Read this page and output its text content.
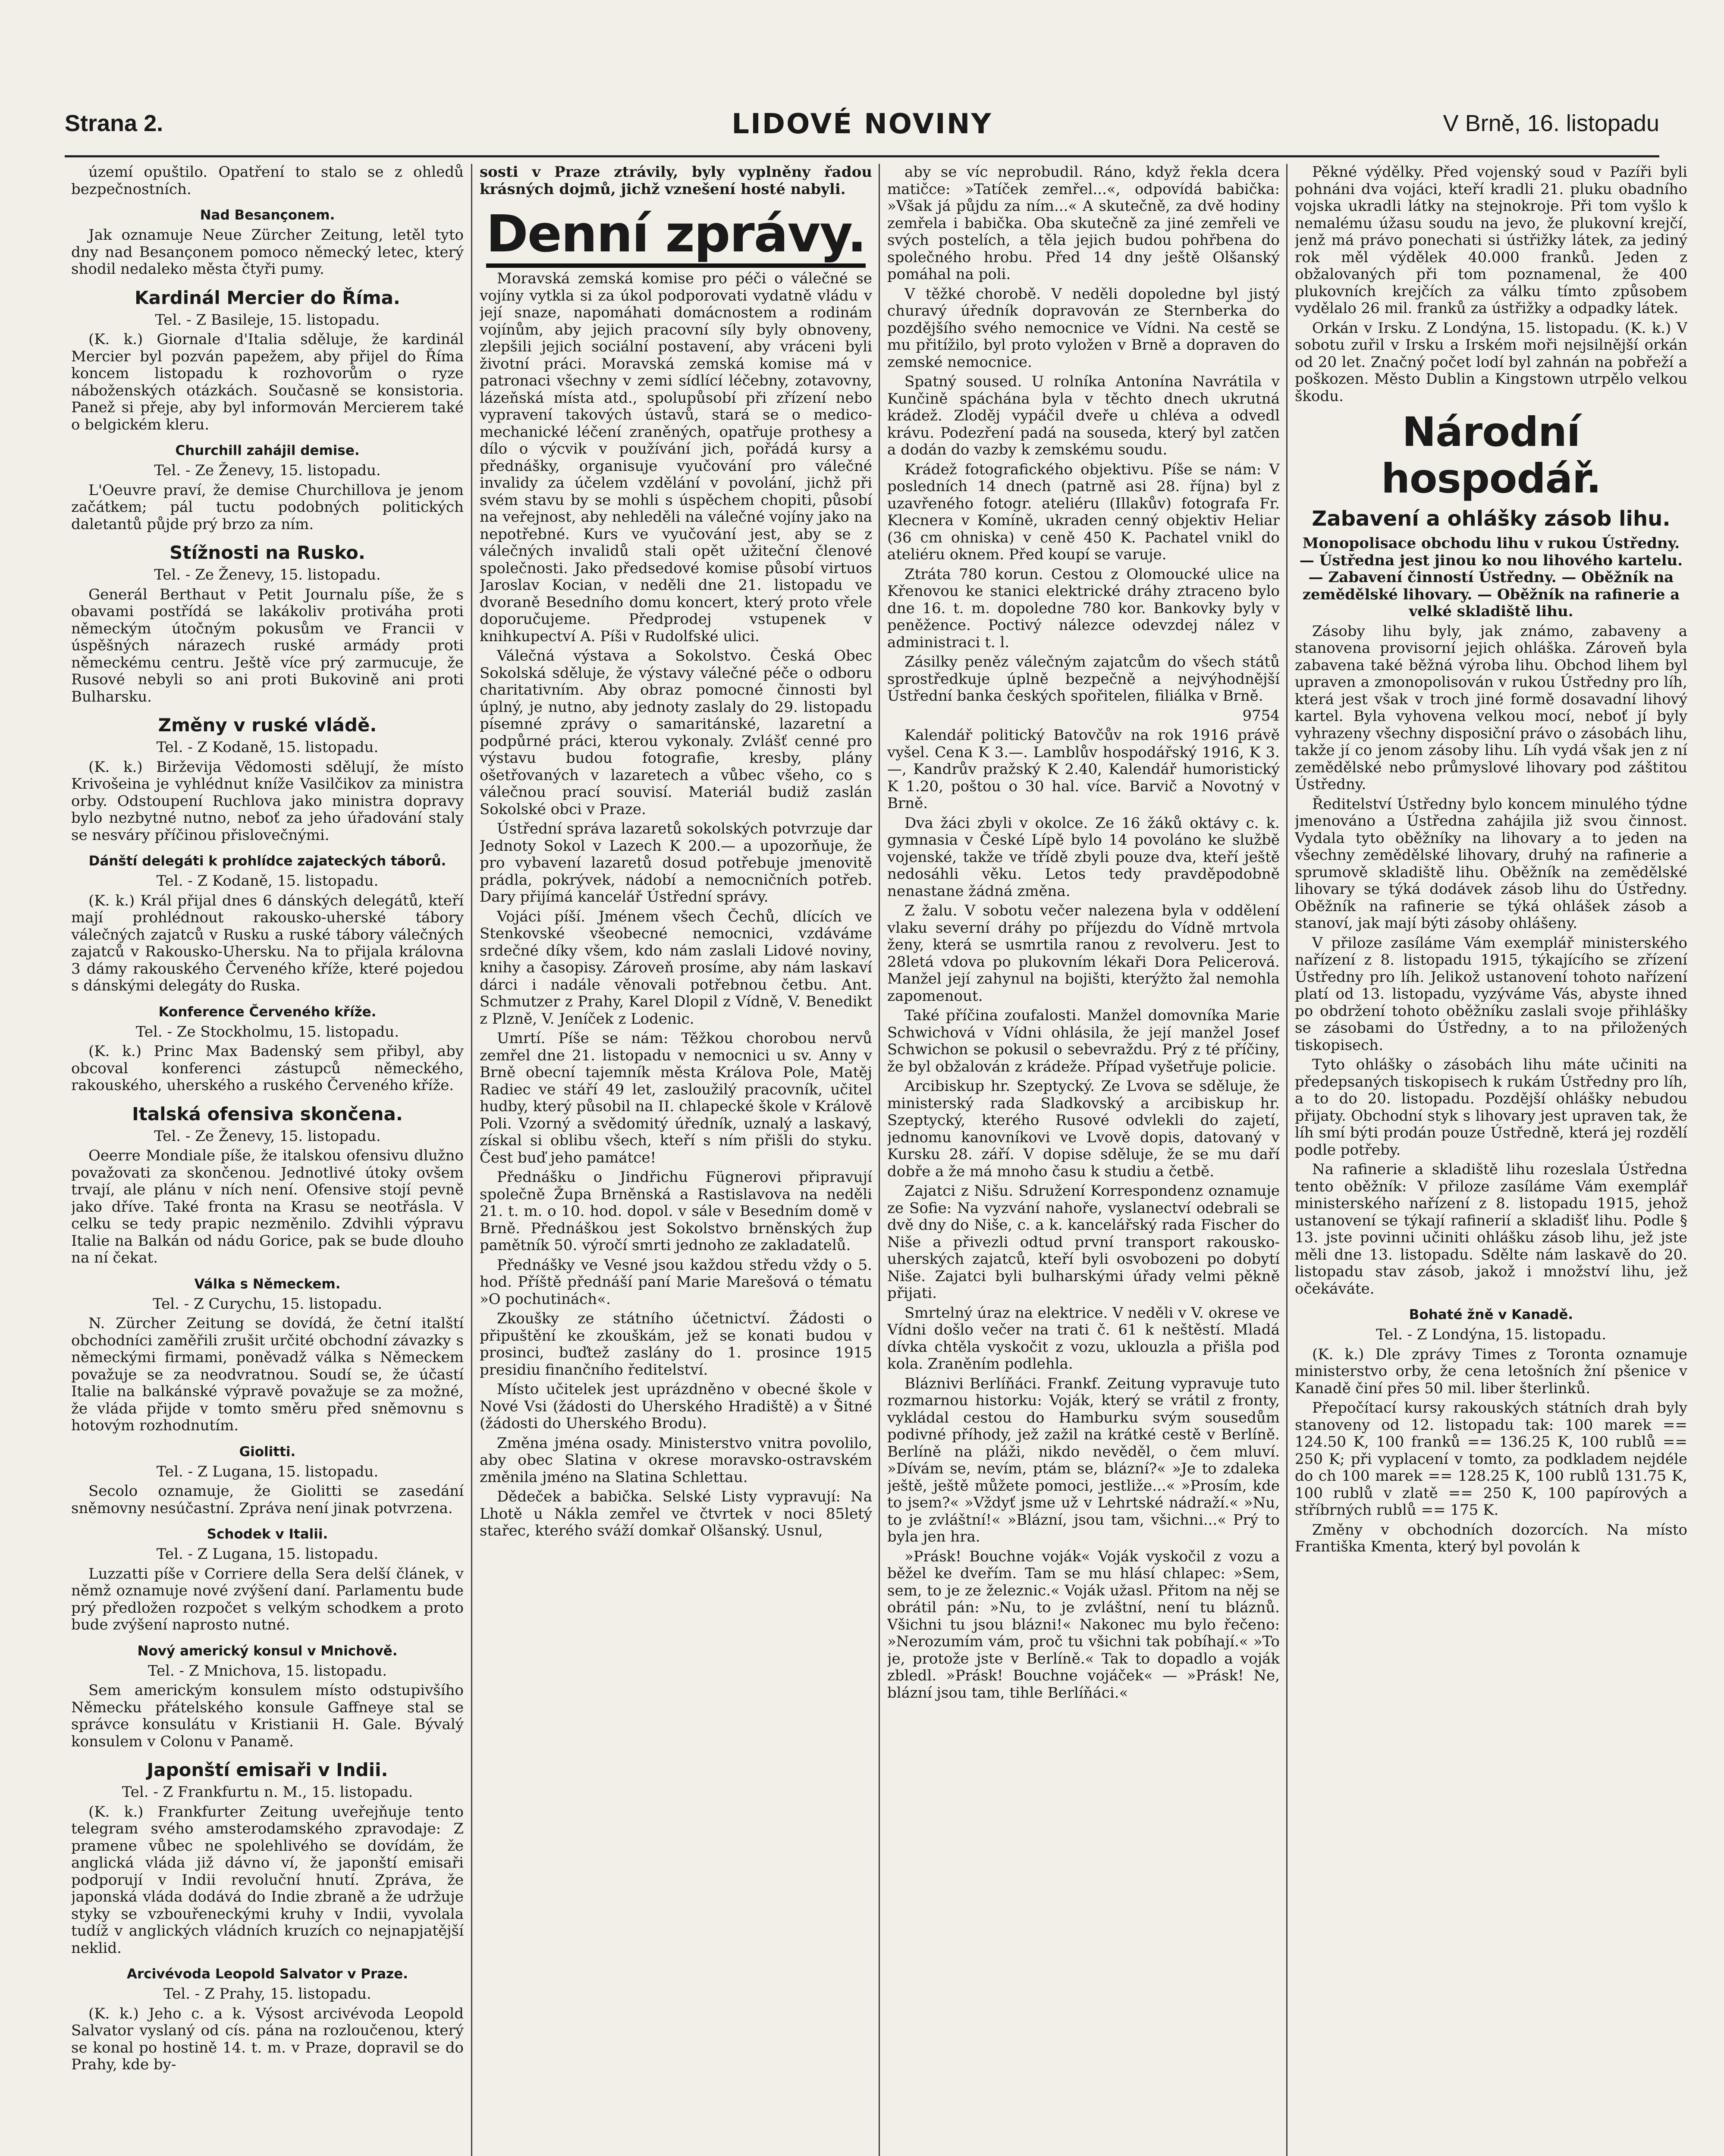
Strana 2.	LIDOVÉ NOVINY	V Brně, 16. listopadu

území opuštilo. Opatření to stalo se z ohledů bezpečnostních.

Nad Besançonem.

Jak oznamuje Neue Zürcher Zeitung, letěl tyto dny nad Besançonem pomoco německý letec, který shodil nedaleko města čtyři pumy.

Kardinál Mercier do Říma.

Tel. - Z Basileje, 15. listopadu.

(K. k.) Giornale d'Italia sděluje, že kardinál Mercier byl pozván papežem, aby přijel do Říma koncem listopadu k rozhovorům o ryze náboženských otázkách. Současně se konsistoria. Panež si přeje, aby byl informován Mercierem také o belgickém kleru.

Churchill zahájil demise.

Tel. - Ze Ženevy, 15. listopadu.

L'Oeuvre praví, že demise Churchillova je jenom začátkem; pál tuctu podobných politických daletantů půjde prý brzo za ním.

Stížnosti na Rusko.

Tel. - Ze Ženevy, 15. listopadu.

Generál Berthaut v Petit Journalu píše, že s obavami postřídá se lakákoliv protiváha proti německým útočným pokusům ve Francii v úspěšných nárazech ruské armády proti německému centru. Ještě více prý zarmucuje, že Rusové nebyli so ani proti Bukovině ani proti Bulharsku.

Změny v ruské vládě.

Tel. - Z Kodaně, 15. listopadu.

(K. k.) Birževija Vědomosti sdělují, že místo Krivošeina je vyhlédnut kníže Vasilčikov za ministra orby. Odstoupení Ruchlova jako ministra dopravy bylo nezbytné nutno, neboť za jeho úřadování staly se nesváry příčinou přislovečnými.

Dánští delegáti k prohlídce zajateckých táborů.

Tel. - Z Kodaně, 15. listopadu.

(K. k.) Král přijal dnes 6 dánských delegátů, kteří mají prohlédnout rakousko-uherské tábory válečných zajatců v Rusku a ruské tábory válečných zajatců v Rakousko-Uhersku. Na to přijala královna 3 dámy rakouského Červeného kříže, které pojedou s dánskými delegáty do Ruska.

Konference Červeného kříže.

Tel. - Ze Stockholmu, 15. listopadu.

(K. k.) Princ Max Badenský sem přibyl, aby obcoval konferenci zástupců německého, rakouského, uherského a ruského Červeného kříže.

Italská ofensiva skončena.

Tel. - Ze Ženevy, 15. listopadu.

Oeerre Mondiale píše, že italskou ofensivu dlužno považovati za skončenou. Jednotlivé útoky ovšem trvají, ale plánu v ních není. Ofensive stojí pevně jako dříve. Také fronta na Krasu se neotřásla. V celku se tedy prapic nezměnilo. Zdvihli výpravu Italie na Balkán od nádu Gorice, pak se bude dlouho na ní čekat.

Válka s Německem.

Tel. - Z Curychu, 15. listopadu.

N. Zürcher Zeitung se dovídá, že četní italští obchodníci zaměřili zrušit určité obchodní závazky s německými firmami, poněvadž válka s Německem považuje se za neodvratnou. Soudí se, že účastí Italie na balkánské výpravě považuje se za možné, že vláda přijde v tomto směru před sněmovnu s hotovým rozhodnutím.

Giolitti.

Tel. - Z Lugana, 15. listopadu.

Secolo oznamuje, že Giolitti se zasedání sněmovny nesúčastní. Zpráva není jinak potvrzena.

Schodek v Italii.

Tel. - Z Lugana, 15. listopadu.

Luzzatti píše v Corriere della Sera delší článek, v němž oznamuje nové zvýšení daní. Parlamentu bude prý předložen rozpočet s velkým schodkem a proto bude zvýšení naprosto nutné.

Nový americký konsul v Mnichově.

Tel. - Z Mnichova, 15. listopadu.

Sem americkým konsulem místo odstupivšího Německu přátelského konsule Gaffneye stal se správce konsulátu v Kristianii H. Gale. Bývalý konsulem v Colonu v Panamě.

Japonští emisaři v Indii.

Tel. - Z Frankfurtu n. M., 15. listopadu.

(K. k.) Frankfurter Zeitung uveřejňuje tento telegram svého amsterodamského zpravodaje: Z pramene vůbec ne spolehlivého se dovídám, že anglická vláda již dávno ví, že japonští emisaři podporují v Indii revoluční hnutí. Zpráva, že japonská vláda dodává do Indie zbraně a že udržuje styky se vzbouřeneckými kruhy v Indii, vyvolala tudíž v anglických vládních kruzích co nejnapjatější neklid.

Arcivévoda Leopold Salvator v Praze.

Tel. - Z Prahy, 15. listopadu.

(K. k.) Jeho c. a k. Výsost arcivévoda Leopold Salvator vyslaný od cís. pána na rozloučenou, který se konal po hostině 14. t. m. v Praze, dopravil se do Prahy, kde by-

sosti v Praze ztrávily, byly vyplněny řadou krásných dojmů, jichž vznešení hosté nabyli.

Denní zprávy.

Moravská zemská komise pro péči o válečné se vojíny vytkla si za úkol podporovati vydatně vládu v její snaze, napomáhati domácnostem a rodinám vojínům, aby jejich pracovní síly byly obnoveny, zlepšili jejich sociální postavení, aby vráceni byli životní práci. Moravská zemská komise má v patronaci všechny v zemi sídlící léčebny, zotavovny, lázeňská místa atd., spolupůsobí při zřízení nebo vypravení takových ústavů, stará se o medico-mechanické léčení zraněných, opatřuje prothesy a dílo o výcvik v používání jich, pořádá kursy a přednášky, organisuje vyučování pro válečné invalidy za účelem vzdělání v povolání, jichž při svém stavu by se mohli s úspěchem chopiti, působí na veřejnost, aby nehleděli na válečné vojíny jako na nepotřebné. Kurs ve vyučování jest, aby se z válečných invalidů stali opět užiteční členové společnosti. Jako předsedové komise působí virtuos Jaroslav Kocian, v neděli dne 21. listopadu ve dvoraně Besedního domu koncert, který proto vřele doporučujeme. Předprodej vstupenek v knihkupectví A. Píši v Rudolfské ulici.

Válečná výstava a Sokolstvo. Česká Obec Sokolská sděluje, že výstavy válečné péče o odboru charitativním. Aby obraz pomocné činnosti byl úplný, je nutno, aby jednoty zaslaly do 29. listopadu písemné zprávy o samaritánské, lazaretní a podpůrné práci, kterou vykonaly. Zvlášť cenné pro výstavu budou fotografie, kresby, plány ošetřovaných v lazaretech a vůbec všeho, co s válečnou prací souvisí. Materiál budiž zaslán Sokolské obci v Praze.

Ústřední správa lazaretů sokolských potvrzuje dar Jednoty Sokol v Lazech K 200.— a upozorňuje, že pro vybavení lazaretů dosud potřebuje jmenovitě prádla, pokrývek, nádobí a nemocničních potřeb. Dary přijímá kancelář Ústřední správy.

Vojáci píší. Jménem všech Čechů, dlících ve Stenkovské všeobecné nemocnici, vzdáváme srdečné díky všem, kdo nám zaslali Lidové noviny, knihy a časopisy. Zároveň prosíme, aby nám laskaví dárci i nadále věnovali potřebnou četbu. Ant. Schmutzer z Prahy, Karel Dlopil z Vídně, V. Benedikt z Plzně, V. Jeníček z Lodenic.

Umrtí. Píše se nám: Těžkou chorobou nervů zemřel dne 21. listopadu v nemocnici u sv. Anny v Brně obecní tajemník města Králova Pole, Matěj Radiec ve stáří 49 let, zasloužilý pracovník, učitel hudby, který působil na II. chlapecké škole v Králově Poli. Vzorný a svědomitý úředník, uznalý a laskavý, získal si oblibu všech, kteří s ním přišli do styku. Čest buď jeho památce!

Přednášku o Jindřichu Fügnerovi připravují společně Župa Brněnská a Rastislavova na neděli 21. t. m. o 10. hod. dopol. v sále v Besedním domě v Brně. Přednáškou jest Sokolstvo brněnských žup pamětník 50. výročí smrti jednoho ze zakladatelů.

Přednášky ve Vesné jsou každou středu vždy o 5. hod. Příště přednáší paní Marie Marešová o tématu »O pochutinách«.

Zkoušky ze státního účetnictví. Žádosti o připuštění ke zkouškám, jež se konati budou v prosinci, buďtež zaslány do 1. prosince 1915 presidiu finančního ředitelství.

Místo učitelek jest uprázdněno v obecné škole v Nové Vsi (žádosti do Uherského Hradiště) a v Šitné (žádosti do Uherského Brodu).

Změna jména osady. Ministerstvo vnitra povolilo, aby obec Slatina v okrese moravsko-ostravském změnila jméno na Slatina Schlettau.

Dědeček a babička. Selské Listy vypravují: Na Lhotě u Nákla zemřel ve čtvrtek v noci 85letý stařec, kterého sváží domkař Olšanský. Usnul,

aby se víc neprobudil. Ráno, když řekla dcera matičce: »Tatíček zemřel...«, odpovídá babička: »Však já půjdu za ním...« A skutečně, za dvě hodiny zemřela i babička. Oba skutečně za jiné zemřeli ve svých postelích, a těla jejich budou pohřbena do společného hrobu. Před 14 dny ještě Olšanský pomáhal na poli.

V těžké chorobě. V neděli dopoledne byl jistý churavý úředník dopravován ze Sternberka do pozdějšího svého nemocnice ve Vídni. Na cestě se mu přitížilo, byl proto vyložen v Brně a dopraven do zemské nemocnice.

Spatný soused. U rolníka Antonína Navrátila v Kunčině spáchána byla v těchto dnech ukrutná krádež. Zloděj vypáčil dveře u chléva a odvedl krávu. Podezření padá na souseda, který byl zatčen a dodán do vazby k zemskému soudu.

Krádež fotografického objektivu. Píše se nám: V posledních 14 dnech (patrně asi 28. října) byl z uzavřeného fotogr. ateliéru (Illakův) fotografa Fr. Klecnera v Komíně, ukraden cenný objektiv Heliar (36 cm ohniska) v ceně 450 K. Pachatel vnikl do ateliéru oknem. Před koupí se varuje.

Ztráta 780 korun. Cestou z Olomoucké ulice na Křenovou ke stanici elektrické dráhy ztraceno bylo dne 16. t. m. dopoledne 780 kor. Bankovky byly v peněžence. Poctivý nálezce odevzdej nález v administraci t. l.

Zásilky peněz válečným zajatcům do všech států sprostředkuje úplně bezpečně a nejvýhodnější Ústřední banka českých spořitelen, filiálka v Brně.

9754

Kalendář politický Batovčův na rok 1916 právě vyšel. Cena K 3.—. Lamblův hospodářský 1916, K 3.—, Kandrův pražský K 2.40, Kalendář humoristický K 1.20, poštou o 30 hal. více. Barvič a Novotný v Brně.

Dva žáci zbyli v okolce. Ze 16 žáků oktávy c. k. gymnasia v České Lípě bylo 14 povoláno ke službě vojenské, takže ve třídě zbyli pouze dva, kteří ještě nedosáhli věku. Letos tedy pravděpodobně nenastane žádná změna.

Z žalu. V sobotu večer nalezena byla v oddělení vlaku severní dráhy po příjezdu do Vídně mrtvola ženy, která se usmrtila ranou z revolveru. Jest to 28letá vdova po plukovním lékaři Dora Pelicerová. Manžel její zahynul na bojišti, kterýžto žal nemohla zapomenout.

Také příčina zoufalosti. Manžel domovníka Marie Schwichová v Vídni ohlásila, že její manžel Josef Schwichon se pokusil o sebevraždu. Prý z té příčiny, že byl obžalován z krádeže. Případ vyšetřuje policie.

Arcibiskup hr. Szeptycký. Ze Lvova se sděluje, že ministerský rada Sladkovský a arcibiskup hr. Szeptycký, kterého Rusové odvlekli do zajetí, jednomu kanovníkovi ve Lvově dopis, datovaný v Kursku 28. září. V dopise sděluje, že se mu daří dobře a že má mnoho času k studiu a četbě.

Zajatci z Nišu. Sdružení Korrespondenz oznamuje ze Sofie: Na vyzvání nahoře, vyslanectví odebrali se dvě dny do Niše, c. a k. kancelářský rada Fischer do Niše a přivezli odtud první transport rakousko-uherských zajatců, kteří byli osvobozeni po dobytí Niše. Zajatci byli bulharskými úřady velmi pěkně přijati.

Smrtelný úraz na elektrice. V neděli v V. okrese ve Vídni došlo večer na trati č. 61 k neštěstí. Mladá dívka chtěla vyskočit z vozu, uklouzla a přišla pod kola. Zraněním podlehla.

Bláznivi Berlíňáci. Frankf. Zeitung vypravuje tuto rozmarnou historku: Voják, který se vrátil z fronty, vykládal cestou do Hamburku svým sousedům podivné příhody, jež zažil na krátké cestě v Berlíně. Berlíně na pláži, nikdo nevěděl, o čem mluví. »Dívám se, nevím, ptám se, blázní?« »Je to zdaleka ještě, ještě můžete pomoci, jestliže...« »Prosím, kde to jsem?« »Vždyť jsme už v Lehrtské nádraží.« »Nu, to je zvláštní!« »Blázní, jsou tam, všichni...« Prý to byla jen hra.

»Prásk! Bouchne voják« Voják vyskočil z vozu a běžel ke dveřím. Tam se mu hlásí chlapec: »Sem, sem, to je ze železnic.« Voják užasl. Přitom na něj se obrátil pán: »Nu, to je zvláštní, není tu bláznů. Všichni tu jsou blázni!« Nakonec mu bylo řečeno: »Nerozumím vám, proč tu všichni tak pobíhají.« »To je, protože jste v Berlíně.« Tak to dopadlo a voják zbledl. »Prásk! Bouchne vojáček« — »Prásk! Ne, blázní jsou tam, tihle Berlíňáci.«

Pěkné výdělky. Před vojenský soud v Pazíři byli pohnáni dva vojáci, kteří kradli 21. pluku obadního vojska ukradli látky na stejnokroje. Při tom vyšlo k nemalému úžasu soudu na jevo, že plukovní krejčí, jenž má právo ponechati si ústřižky látek, za jediný rok měl výdělek 40.000 franků. Jeden z obžalovaných při tom poznamenal, že 400 plukovních krejčích za válku tímto způsobem vydělalo 26 mil. franků za ústřižky a odpadky látek.

Orkán v Irsku. Z Londýna, 15. listopadu. (K. k.) V sobotu zuřil v Irsku a Irském moři nejsilnější orkán od 20 let. Značný počet lodí byl zahnán na pobřeží a poškozen. Město Dublin a Kingstown utrpělo velkou škodu.

Národní hospodář.
Zabavení a ohlášky zásob lihu.

Monopolisace obchodu lihu v rukou Ústředny. — Ústředna jest jinou ko nou lihového kartelu. — Zabavení činností Ústředny. — Oběžník na zemědělské lihovary. — Oběžník na rafinerie a velké skladiště lihu.

Zásoby lihu byly, jak známo, zabaveny a stanovena provisorní jejich ohláška. Zároveň byla zabavena také běžná výroba lihu. Obchod lihem byl upraven a zmonopolisován v rukou Ústředny pro líh, která jest však v troch jiné formě dosavadní lihový kartel. Byla vyhovena velkou mocí, neboť jí byly vyhrazeny všechny disposiční právo o zásobách lihu, takže jí co jenom zásoby lihu. Líh vydá však jen z ní zemědělské nebo průmyslové lihovary pod záštitou Ústředny.

Ředitelství Ústředny bylo koncem minulého týdne jmenováno a Ústředna zahájila již svou činnost. Vydala tyto oběžníky na lihovary a to jeden na všechny zemědělské lihovary, druhý na rafinerie a sprumově skladiště lihu. Oběžník na zemědělské lihovary se týká dodávek zásob lihu do Ústředny. Oběžník na rafinerie se týká ohlášek zásob a stanoví, jak mají býti zásoby ohlášeny.

V přiloze zasíláme Vám exemplář ministerského nařízení z 8. listopadu 1915, týkajícího se zřízení Ústředny pro líh. Jelikož ustanovení tohoto nařízení platí od 13. listopadu, vyzýváme Vás, abyste ihned po obdržení tohoto oběžníku zaslali svoje přihlášky se zásobami do Ústředny, a to na přiložených tiskopisech.

Tyto ohlášky o zásobách lihu máte učiniti na předepsaných tiskopisech k rukám Ústředny pro líh, a to do 20. listopadu. Pozdější ohlášky nebudou přijaty. Obchodní styk s lihovary jest upraven tak, že líh smí býti prodán pouze Ústředně, která jej rozdělí podle potřeby.

Na rafinerie a skladiště lihu rozeslala Ústředna tento oběžník: V přiloze zasíláme Vám exemplář ministerského nařízení z 8. listopadu 1915, jehož ustanovení se týkají rafinerií a skladišť lihu. Podle § 13. jste povinni učiniti ohlášku zásob lihu, jež jste měli dne 13. listopadu. Sdělte nám laskavě do 20. listopadu stav zásob, jakož i množství lihu, jež očekáváte.

Bohaté žně v Kanadě.

Tel. - Z Londýna, 15. listopadu.

(K. k.) Dle zprávy Times z Toronta oznamuje ministerstvo orby, že cena letošních žní pšenice v Kanadě činí přes 50 mil. liber šterlinků.

Přepočítací kursy rakouských státních drah byly stanoveny od 12. listopadu tak: 100 marek == 124.50 K, 100 franků == 136.25 K, 100 rublů == 250 K; při vyplacení v tomto, za podkladem nejdéle do ch 100 marek == 128.25 K, 100 rublů 131.75 K, 100 rublů v zlatě == 250 K, 100 papírových a stříbrných rublů == 175 K.

Změny v obchodních dozorcích. Na místo Františka Kmenta, který byl povolán k
